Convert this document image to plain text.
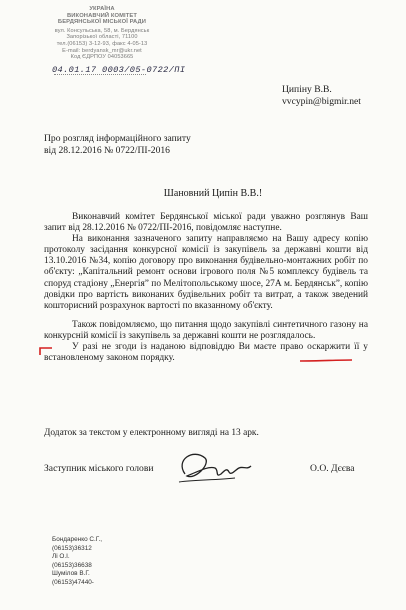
УКРАЇНА
ВИКОНАВЧИЙ КОМІТЕТ
БЕРДЯНСЬКОЇ МІСЬКОЇ РАДИ
вул. Консульська, 58, м. Бердянськ
Запорізької області, 71100
тел.(06153) 3-12-93, факс 4-05-13
E-mail: berdyansk_mr@ukr.net
Код ЄДРПОУ 04053665
04.01.17 0003/05-0722/ПІ
Ципіну В.В.
vvcypin@bigmir.net
Про розгляд інформаційного запиту
від 28.12.2016 № 0722/ПІ-2016
Шановний Ципін В.В.!

Виконавчий комітет Бердянської міської ради уважно розглянув Ваш запит від 28.12.2016 № 0722/ПІ-2016, повідомляє наступне.

На виконання зазначеного запиту направляємо на Вашу адресу копію протоколу засідання конкурсної комісії із закупівель за державні кошти від 13.10.2016 №34, копію договору про виконання будівельно-монтажних робіт по об'єкту: „Капітальний ремонт основи ігрового поля №5 комплексу будівель та споруд стадіону „Енергія” по Мелітопольському шосе, 27А м. Бердянськ”, копію довідки про вартість виконаних будівельних робіт та витрат, а також зведений кошторисний розрахунок вартості по вказанному об'єкту.

Також повідомляємо, що питання щодо закупівлі синтетичного газону на конкурсній комісії із закупівель за державні кошти не розглядалось.

У разі не згоди із наданою відповіддю Ви маєте право оскаржити її у встановленому законом порядку.

Додаток за текстом у електронному вигляді на 13 арк.
Заступник міського голови	О.О. Дєєва
Бондаренко С.Г.,
(06153)36312
Лі О.І.
(06153)36638
Шумілов В.Г.
(06153)47440-
